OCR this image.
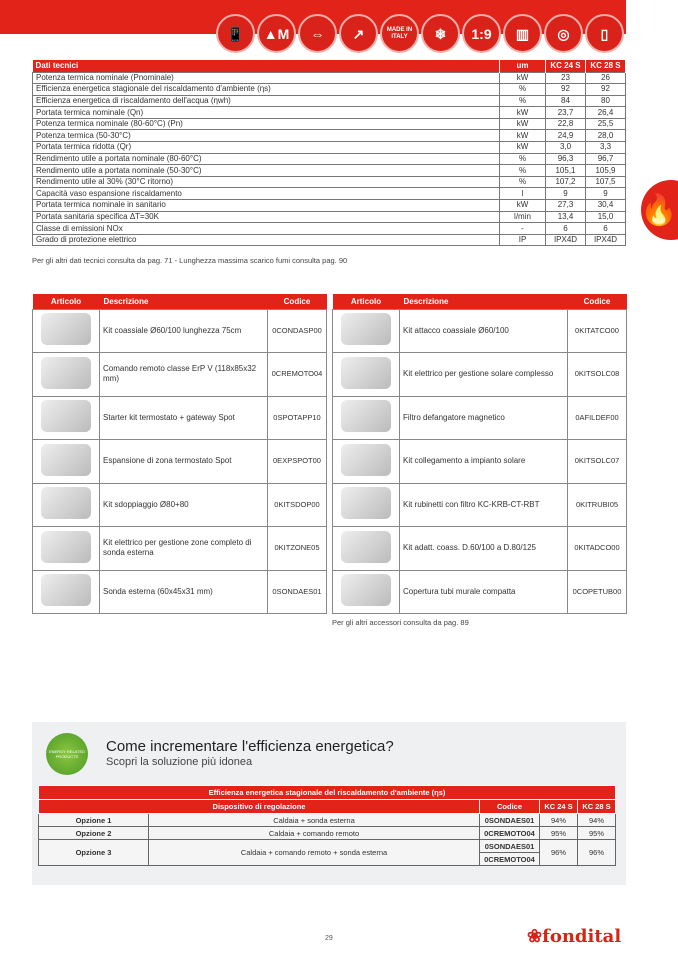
📱	▲M	⇔	↗	MADE IN ITALY	❄	1:9	▥	◎	▯
🔥
Dati tecnici	um	KC 24 S	KC 28 S
Potenza termica nominale (Pnominale)	kW	23	26
Efficienza energetica stagionale del riscaldamento d'ambiente (ηs)	%	92	92
Efficienza energetica di riscaldamento dell'acqua (ηwh)	%	84	80
Portata termica nominale (Qn)	kW	23,7	26,4
Potenza termica nominale (80-60°C) (Pn)	kW	22,8	25,5
Potenza termica (50-30°C)	kW	24,9	28,0
Portata termica ridotta (Qr)	kW	3,0	3,3
Rendimento utile a portata nominale (80-60°C)	%	96,3	96,7
Rendimento utile a portata nominale (50-30°C)	%	105,1	105,9
Rendimento utile al 30% (30°C ritorno)	%	107,2	107,5
Capacità vaso espansione riscaldamento	l	9	9
Portata termica nominale in sanitario	kW	27,3	30,4
Portata sanitaria specifica ΔT=30K	l/min	13,4	15,0
Classe di emissioni NOx	-	6	6
Grado di protezione elettrico	IP	IPX4D	IPX4D
Per gli altri dati tecnici consulta da pag. 71 - Lunghezza massima scarico fumi consulta pag. 90
Articolo	Descrizione	Codice
	Kit coassiale Ø60/100 lunghezza 75cm	0CONDASP00
	Comando remoto classe ErP V (118x85x32 mm)	0CREMOTO04
	Starter kit termostato + gateway Spot	0SPOTAPP10
	Espansione di zona termostato Spot	0EXPSPOT00
	Kit sdoppiaggio Ø80+80	0KITSDOP00
	Kit elettrico per gestione zone completo di sonda esterna	0KITZONE05
	Sonda esterna (60x45x31 mm)	0SONDAES01
Articolo	Descrizione	Codice
	Kit attacco coassiale Ø60/100	0KITATCO00
	Kit elettrico per gestione solare complesso	0KITSOLC08
	Filtro defangatore magnetico	0AFILDEF00
	Kit collegamento a impianto solare	0KITSOLC07
	Kit rubinetti con filtro KC-KRB-CT-RBT	0KITRUBI05
	Kit adatt. coass. D.60/100 a D.80/125	0KITADCO00
	Copertura tubi murale compatta	0COPETUB00
Per gli altri accessori consulta da pag. 89
ENERGY RELATED PRODUCTS
Come incrementare l'efficienza energetica?
Scopri la soluzione più idonea
Efficienza energetica stagionale del riscaldamento d'ambiente (ηs)				
Dispositivo di regolazione		Codice	KC 24 S	KC 28 S
Opzione 1	Caldaia + sonda esterna	0SONDAES01	94%	94%
Opzione 2	Caldaia + comando remoto	0CREMOTO04	95%	95%
Opzione 3	Caldaia + comando remoto + sonda esterna	0SONDAES01	96%	96%
		0CREMOTO04		
29	❀fondital
